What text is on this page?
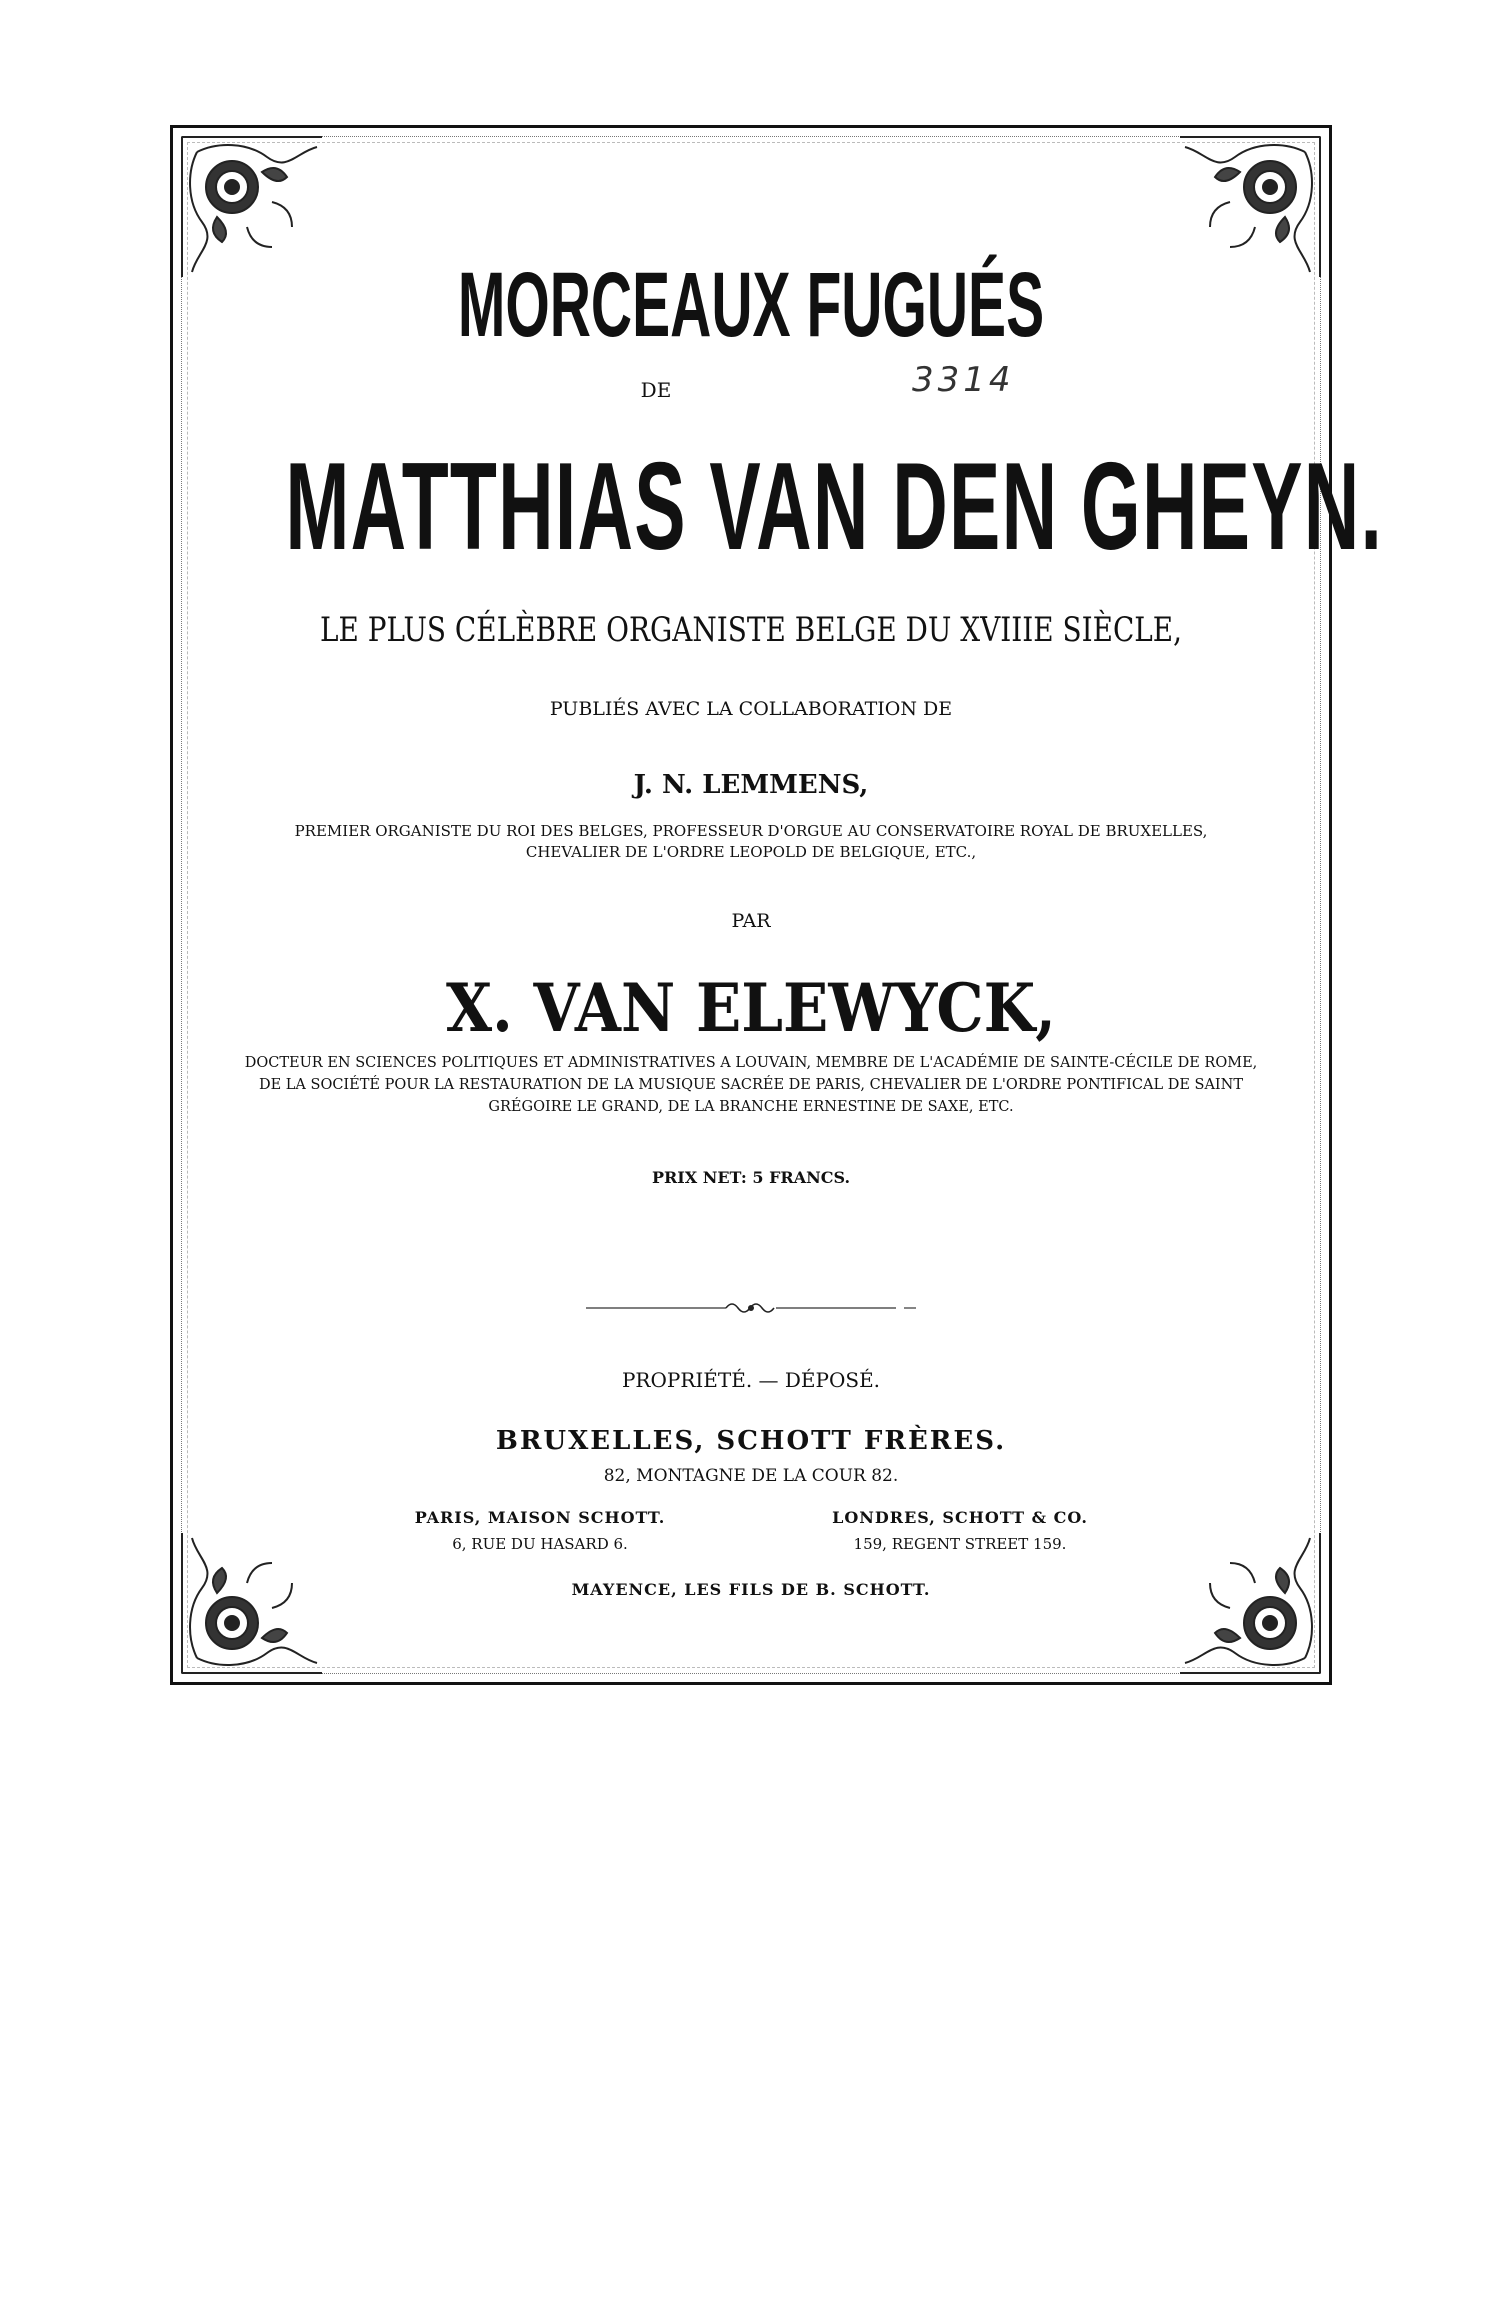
MORCEAUX FUGUÉS
DE	3314
MATTHIAS VAN DEN GHEYN.
LE PLUS CÉLÈBRE ORGANISTE BELGE DU XVIIIE SIÈCLE,
PUBLIÉS AVEC LA COLLABORATION DE
J. N. LEMMENS,
PREMIER ORGANISTE DU ROI DES BELGES, PROFESSEUR D'ORGUE AU CONSERVATOIRE ROYAL DE BRUXELLES,
CHEVALIER DE L'ORDRE LEOPOLD DE BELGIQUE, ETC.,
PAR
X. VAN ELEWYCK,
DOCTEUR EN SCIENCES POLITIQUES ET ADMINISTRATIVES A LOUVAIN, MEMBRE DE L'ACADÉMIE DE SAINTE-CÉCILE DE ROME,
DE LA SOCIÉTÉ POUR LA RESTAURATION DE LA MUSIQUE SACRÉE DE PARIS, CHEVALIER DE L'ORDRE PONTIFICAL DE SAINT
GRÉGOIRE LE GRAND, DE LA BRANCHE ERNESTINE DE SAXE, ETC.
PRIX NET: 5 FRANCS.
PROPRIÉTÉ. — DÉPOSÉ.
BRUXELLES, SCHOTT FRÈRES.
82, MONTAGNE DE LA COUR 82.
PARIS, MAISON SCHOTT.
6, RUE DU HASARD 6.
LONDRES, SCHOTT & CO.
159, REGENT STREET 159.
MAYENCE, LES FILS DE B. SCHOTT.
